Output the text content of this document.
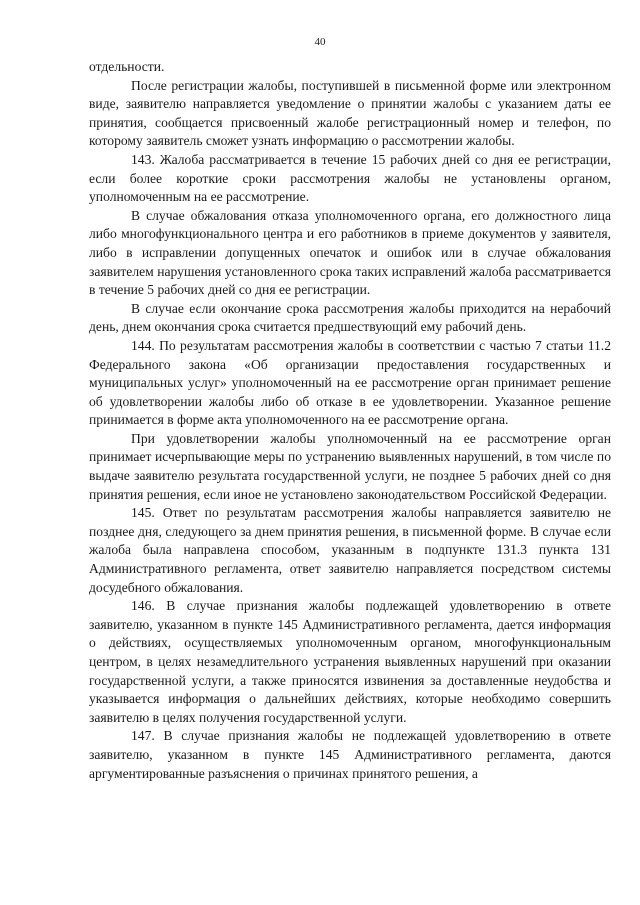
40

отдельности.

После регистрации жалобы, поступившей в письменной форме или электронном виде, заявителю направляется уведомление о принятии жалобы с указанием даты ее принятия, сообщается присвоенный жалобе регистрационный номер и телефон, по которому заявитель сможет узнать информацию о рассмотрении жалобы.

143. Жалоба рассматривается в течение 15 рабочих дней со дня ее регистрации, если более короткие сроки рассмотрения жалобы не установлены органом, уполномоченным на ее рассмотрение.

В случае обжалования отказа уполномоченного органа, его должностного лица либо многофункционального центра и его работников в приеме документов у заявителя, либо в исправлении допущенных опечаток и ошибок или в случае обжалования заявителем нарушения установленного срока таких исправлений жалоба рассматривается в течение 5 рабочих дней со дня ее регистрации.

В случае если окончание срока рассмотрения жалобы приходится на нерабочий день, днем окончания срока считается предшествующий ему рабочий день.

144. По результатам рассмотрения жалобы в соответствии с частью 7 статьи 11.2 Федерального закона «Об организации предоставления государственных и муниципальных услуг» уполномоченный на ее рассмотрение орган принимает решение об удовлетворении жалобы либо об отказе в ее удовлетворении. Указанное решение принимается в форме акта уполномоченного на ее рассмотрение органа.

При удовлетворении жалобы уполномоченный на ее рассмотрение орган принимает исчерпывающие меры по устранению выявленных нарушений, в том числе по выдаче заявителю результата государственной услуги, не позднее 5 рабочих дней со дня принятия решения, если иное не установлено законодательством Российской Федерации.

145. Ответ по результатам рассмотрения жалобы направляется заявителю не позднее дня, следующего за днем принятия решения, в письменной форме. В случае если жалоба была направлена способом, указанным в подпункте 131.3 пункта 131 Административного регламента, ответ заявителю направляется посредством системы досудебного обжалования.

146. В случае признания жалобы подлежащей удовлетворению в ответе заявителю, указанном в пункте 145 Административного регламента, дается информация о действиях, осуществляемых уполномоченным органом, многофункциональным центром, в целях незамедлительного устранения выявленных нарушений при оказании государственной услуги, а также приносятся извинения за доставленные неудобства и указывается информация о дальнейших действиях, которые необходимо совершить заявителю в целях получения государственной услуги.

147. В случае признания жалобы не подлежащей удовлетворению в ответе заявителю, указанном в пункте 145 Административного регламента, даются аргументированные разъяснения о причинах принятого решения, а
